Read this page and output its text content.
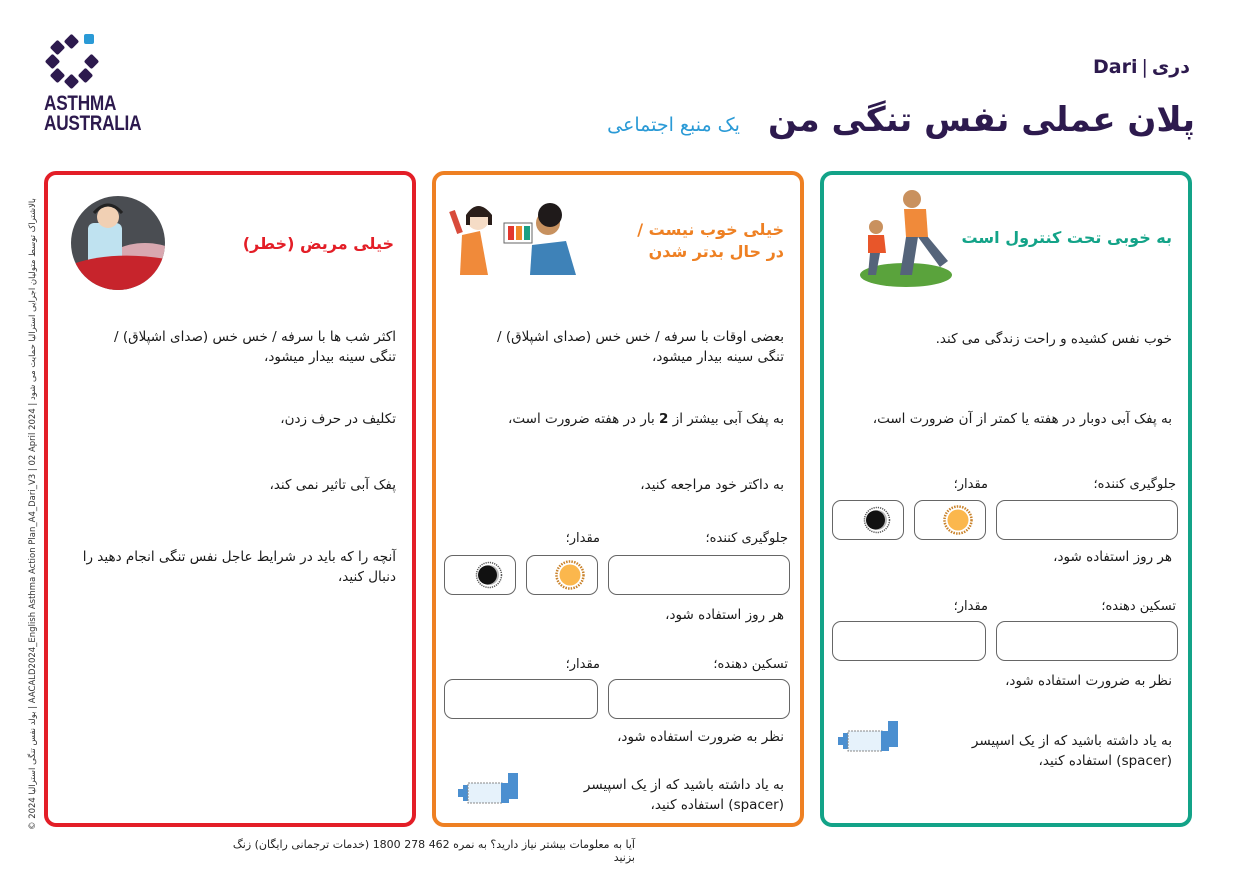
ASTHMA
AUSTRALIA
Dari | دری
یک منبع اجتماعی پلان عملی نفس تنگی من
© بولد نفس تنگی استرالیا 2024 | AACALD2024_English Asthma Action Plan_A4_Dari_V3 | 02 April 2024 | بالاشتراک توسط متولیان اجرایی استرالیا حمایت می شود	خیلی مریض (خطر)
اکثر شب ها با سرفه / خس خس (صدای اشپلاق) /
تنگی سینه بیدار میشود،
تکلیف در حرف زدن،
پفک آبی تاثیر نمی کند،
آنچه را که باید در شرایط عاجل نفس تنگی انجام دهید را
دنبال کنید،
خیلی خوب نیست /
در حال بدتر شدن
بعضی اوقات با سرفه / خس خس (صدای اشپلاق) /
تنگی سینه بیدار میشود،
به پفک آبی بیشتر از 2 بار در هفته ضرورت است،
به داکتر خود مراجعه کنید،
جلوگیری کننده؛
مقدار؛
هر روز استفاده شود،
تسکین دهنده؛
مقدار؛
نظر به ضرورت استفاده شود،
به یاد داشته باشید که از یک اسپیسر
(spacer) استفاده کنید،
به خوبی تحت کنترول است
خوب نفس کشیده و راحت زندگی می کند.
به پفک آبی دوبار در هفته یا کمتر از آن ضرورت است،
جلوگیری کننده؛
مقدار؛
هر روز استفاده شود،
تسکین دهنده؛
مقدار؛
نظر به ضرورت استفاده شود،
به یاد داشته باشید که از یک اسپیسر
(spacer) استفاده کنید،
آیا به معلومات بیشتر نیاز دارید؟ به نمره 462 278 1800 (خدمات ترجمانی رایگان) زنگ بزنید
